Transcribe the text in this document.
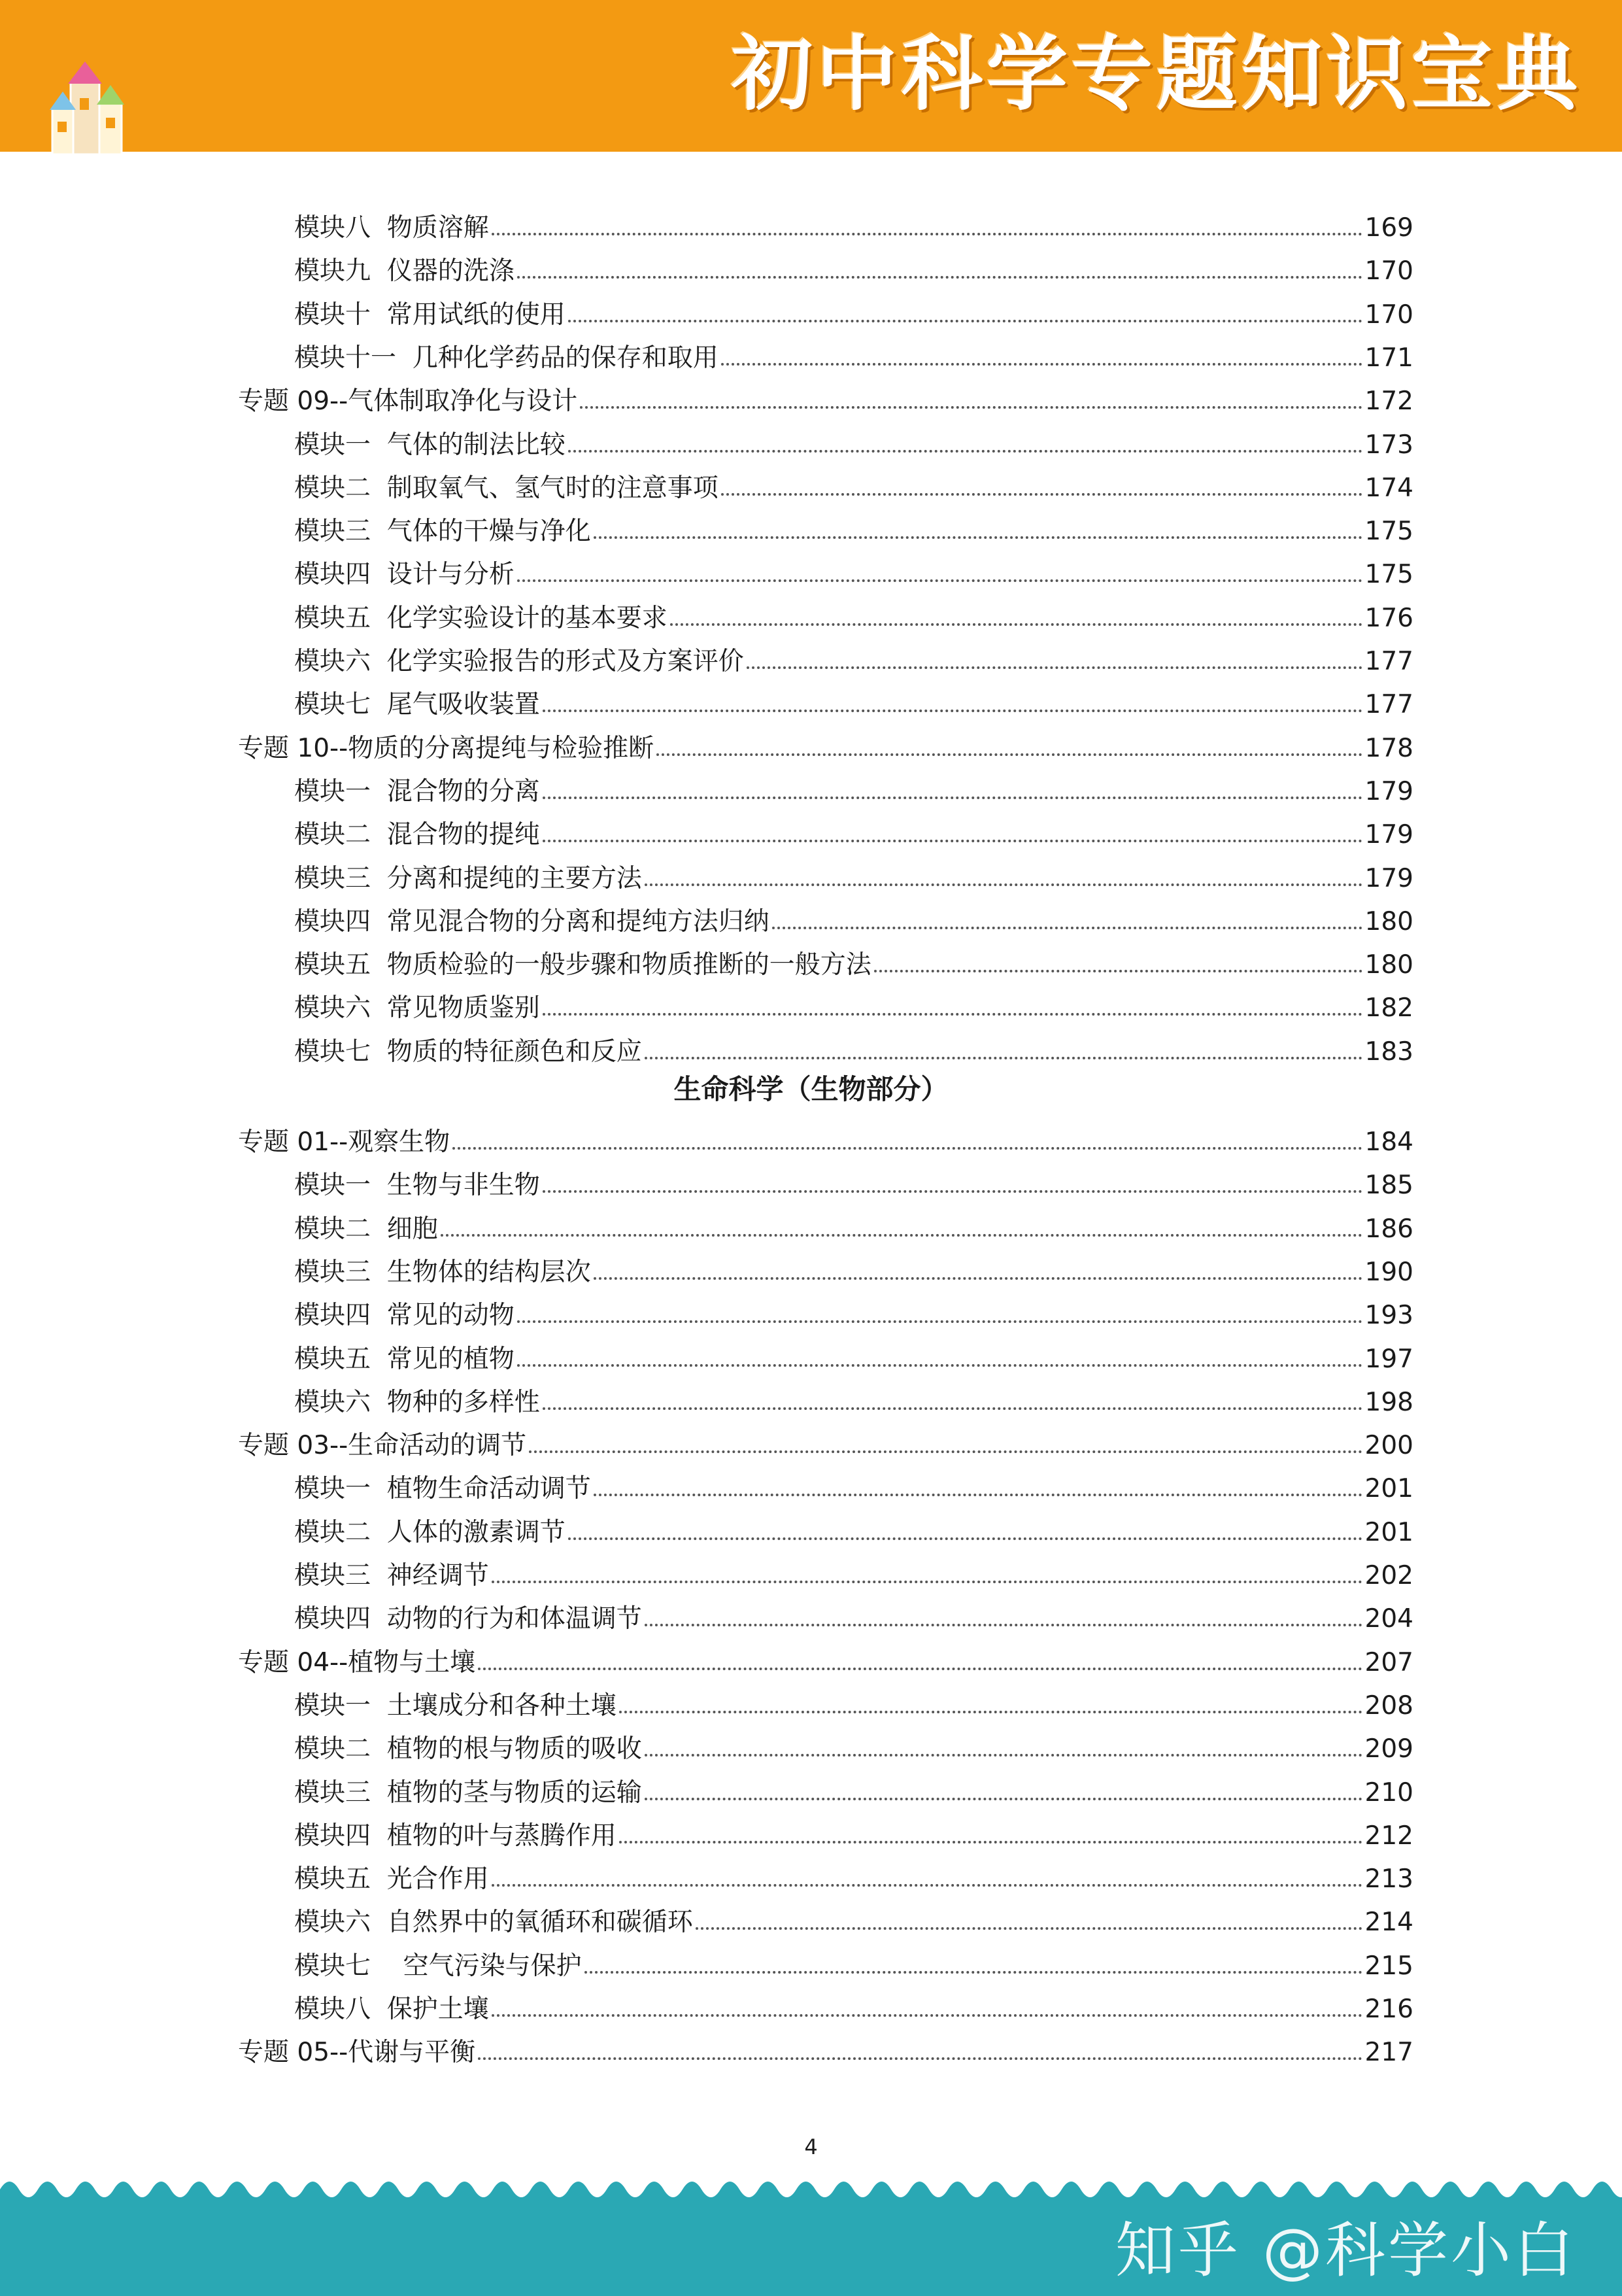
初中科学专题知识宝典
模块八  物质溶解	169
模块九  仪器的洗涤	170
模块十  常用试纸的使用	170
模块十一  几种化学药品的保存和取用	171
专题 09--气体制取净化与设计	172
模块一  气体的制法比较	173
模块二  制取氧气、氢气时的注意事项	174
模块三  气体的干燥与净化	175
模块四  设计与分析	175
模块五  化学实验设计的基本要求	176
模块六  化学实验报告的形式及方案评价	177
模块七  尾气吸收装置	177
专题 10--物质的分离提纯与检验推断	178
模块一  混合物的分离	179
模块二  混合物的提纯	179
模块三  分离和提纯的主要方法	179
模块四  常见混合物的分离和提纯方法归纳	180
模块五  物质检验的一般步骤和物质推断的一般方法	180
模块六  常见物质鉴别	182
模块七  物质的特征颜色和反应	183
专题 01--观察生物	184
模块一  生物与非生物	185
模块二  细胞	186
模块三  生物体的结构层次	190
模块四  常见的动物	193
模块五  常见的植物	197
模块六  物种的多样性	198
专题 03--生命活动的调节	200
模块一  植物生命活动调节	201
模块二  人体的激素调节	201
模块三  神经调节	202
模块四  动物的行为和体温调节	204
专题 04--植物与土壤	207
模块一  土壤成分和各种土壤	208
模块二  植物的根与物质的吸收	209
模块三  植物的茎与物质的运输	210
模块四  植物的叶与蒸腾作用	212
模块五  光合作用	213
模块六  自然界中的氧循环和碳循环	214
模块七    空气污染与保护	215
模块八  保护土壤	216
专题 05--代谢与平衡	217
生命科学（生物部分）
4
知乎 @科学小白
